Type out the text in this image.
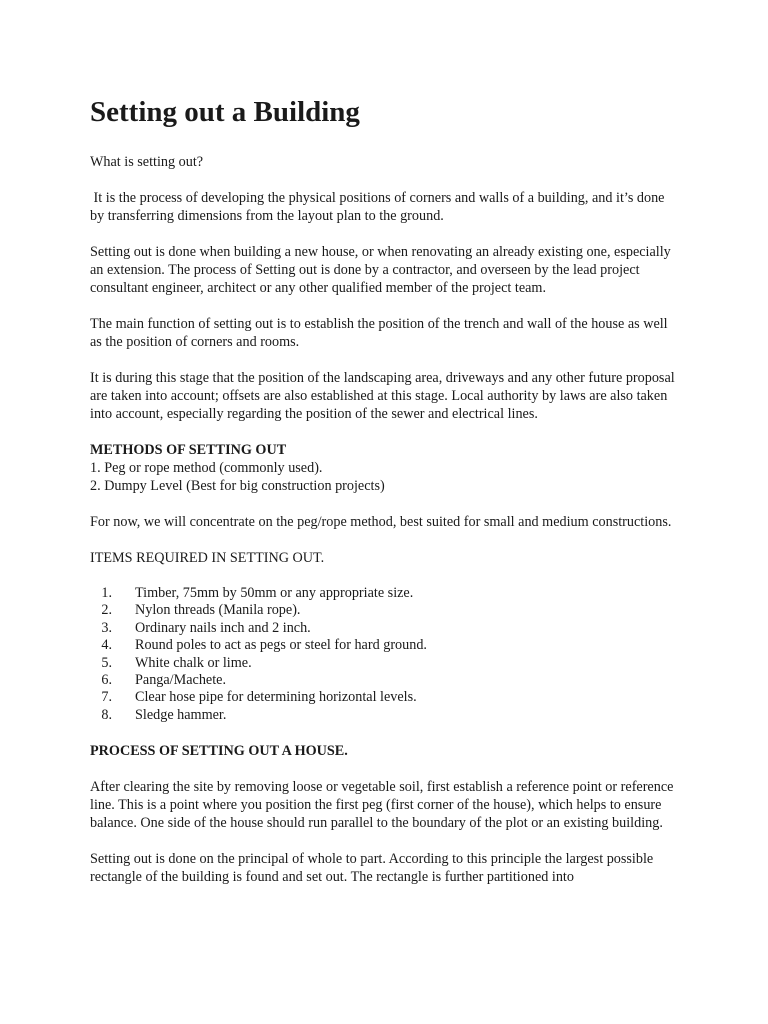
Setting out a Building

What is setting out?

It is the process of developing the physical positions of corners and walls of a building, and it’s done by transferring dimensions from the layout plan to the ground.

Setting out is done when building a new house, or when renovating an already existing one, especially an extension. The process of Setting out is done by a contractor, and overseen by the lead project consultant engineer, architect or any other qualified member of the project team.

The main function of setting out is to establish the position of the trench and wall of the house as well as the position of corners and rooms.

It is during this stage that the position of the landscaping area, driveways and any other future proposal are taken into account; offsets are also established at this stage. Local authority by laws are also taken into account, especially regarding the position of the sewer and electrical lines.

METHODS OF SETTING OUT
1. Peg or rope method (commonly used).
2. Dumpy Level (Best for big construction projects)

For now, we will concentrate on the peg/rope method, best suited for small and medium constructions.

ITEMS REQUIRED IN SETTING OUT.

1. Timber, 75mm by 50mm or any appropriate size.
2. Nylon threads (Manila rope).
3. Ordinary nails inch and 2 inch.
4. Round poles to act as pegs or steel for hard ground.
5. White chalk or lime.
6. Panga/Machete.
7. Clear hose pipe for determining horizontal levels.
8. Sledge hammer.

PROCESS OF SETTING OUT A HOUSE.

After clearing the site by removing loose or vegetable soil, first establish a reference point or reference line. This is a point where you position the first peg (first corner of the house), which helps to ensure balance. One side of the house should run parallel to the boundary of the plot or an existing building.

Setting out is done on the principal of whole to part. According to this principle the largest possible rectangle of the building is found and set out. The rectangle is further partitioned into
